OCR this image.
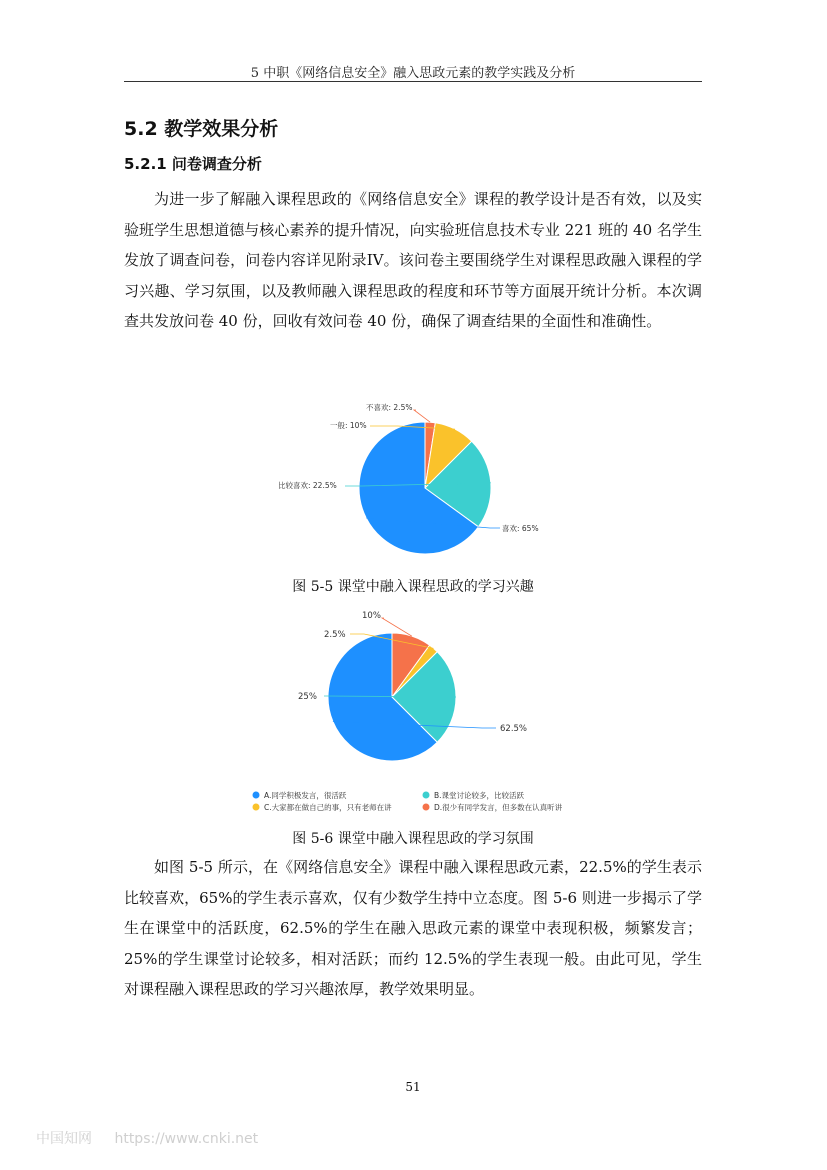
5 中职《网络信息安全》融入思政元素的教学实践及分析
5.2 教学效果分析
5.2.1 问卷调查分析

为进一步了解融入课程思政的《网络信息安全》课程的教学设计是否有效，以及实验班学生思想道德与核心素养的提升情况，向实验班信息技术专业 221 班的 40 名学生发放了调查问卷，问卷内容详见附录IV。该问卷主要围绕学生对课程思政融入课程的学习兴趣、学习氛围，以及教师融入课程思政的程度和环节等方面展开统计分析。本次调查共发放问卷 40 份，回收有效问卷 40 份，确保了调查结果的全面性和准确性。

喜欢: 65%
比较喜欢: 22.5%
一般: 10%
不喜欢: 2.5%
图 5-5 课堂中融入课程思政的学习兴趣
62.5%
25%
2.5%
10%
A.同学积极发言，很活跃	B.课堂讨论较多，比较活跃
C.大家都在做自己的事，只有老师在讲	D.很少有同学发言，但多数在认真听讲
图 5-6 课堂中融入课程思政的学习氛围

如图 5-5 所示，在《网络信息安全》课程中融入课程思政元素，22.5%的学生表示比较喜欢，65%的学生表示喜欢，仅有少数学生持中立态度。图 5-6 则进一步揭示了学生在课堂中的活跃度，62.5%的学生在融入思政元素的课堂中表现积极，频繁发言；25%的学生课堂讨论较多，相对活跃；而约 12.5%的学生表现一般。由此可见，学生对课程融入课程思政的学习兴趣浓厚，教学效果明显。

51
中国知网 https://www.cnki.net
